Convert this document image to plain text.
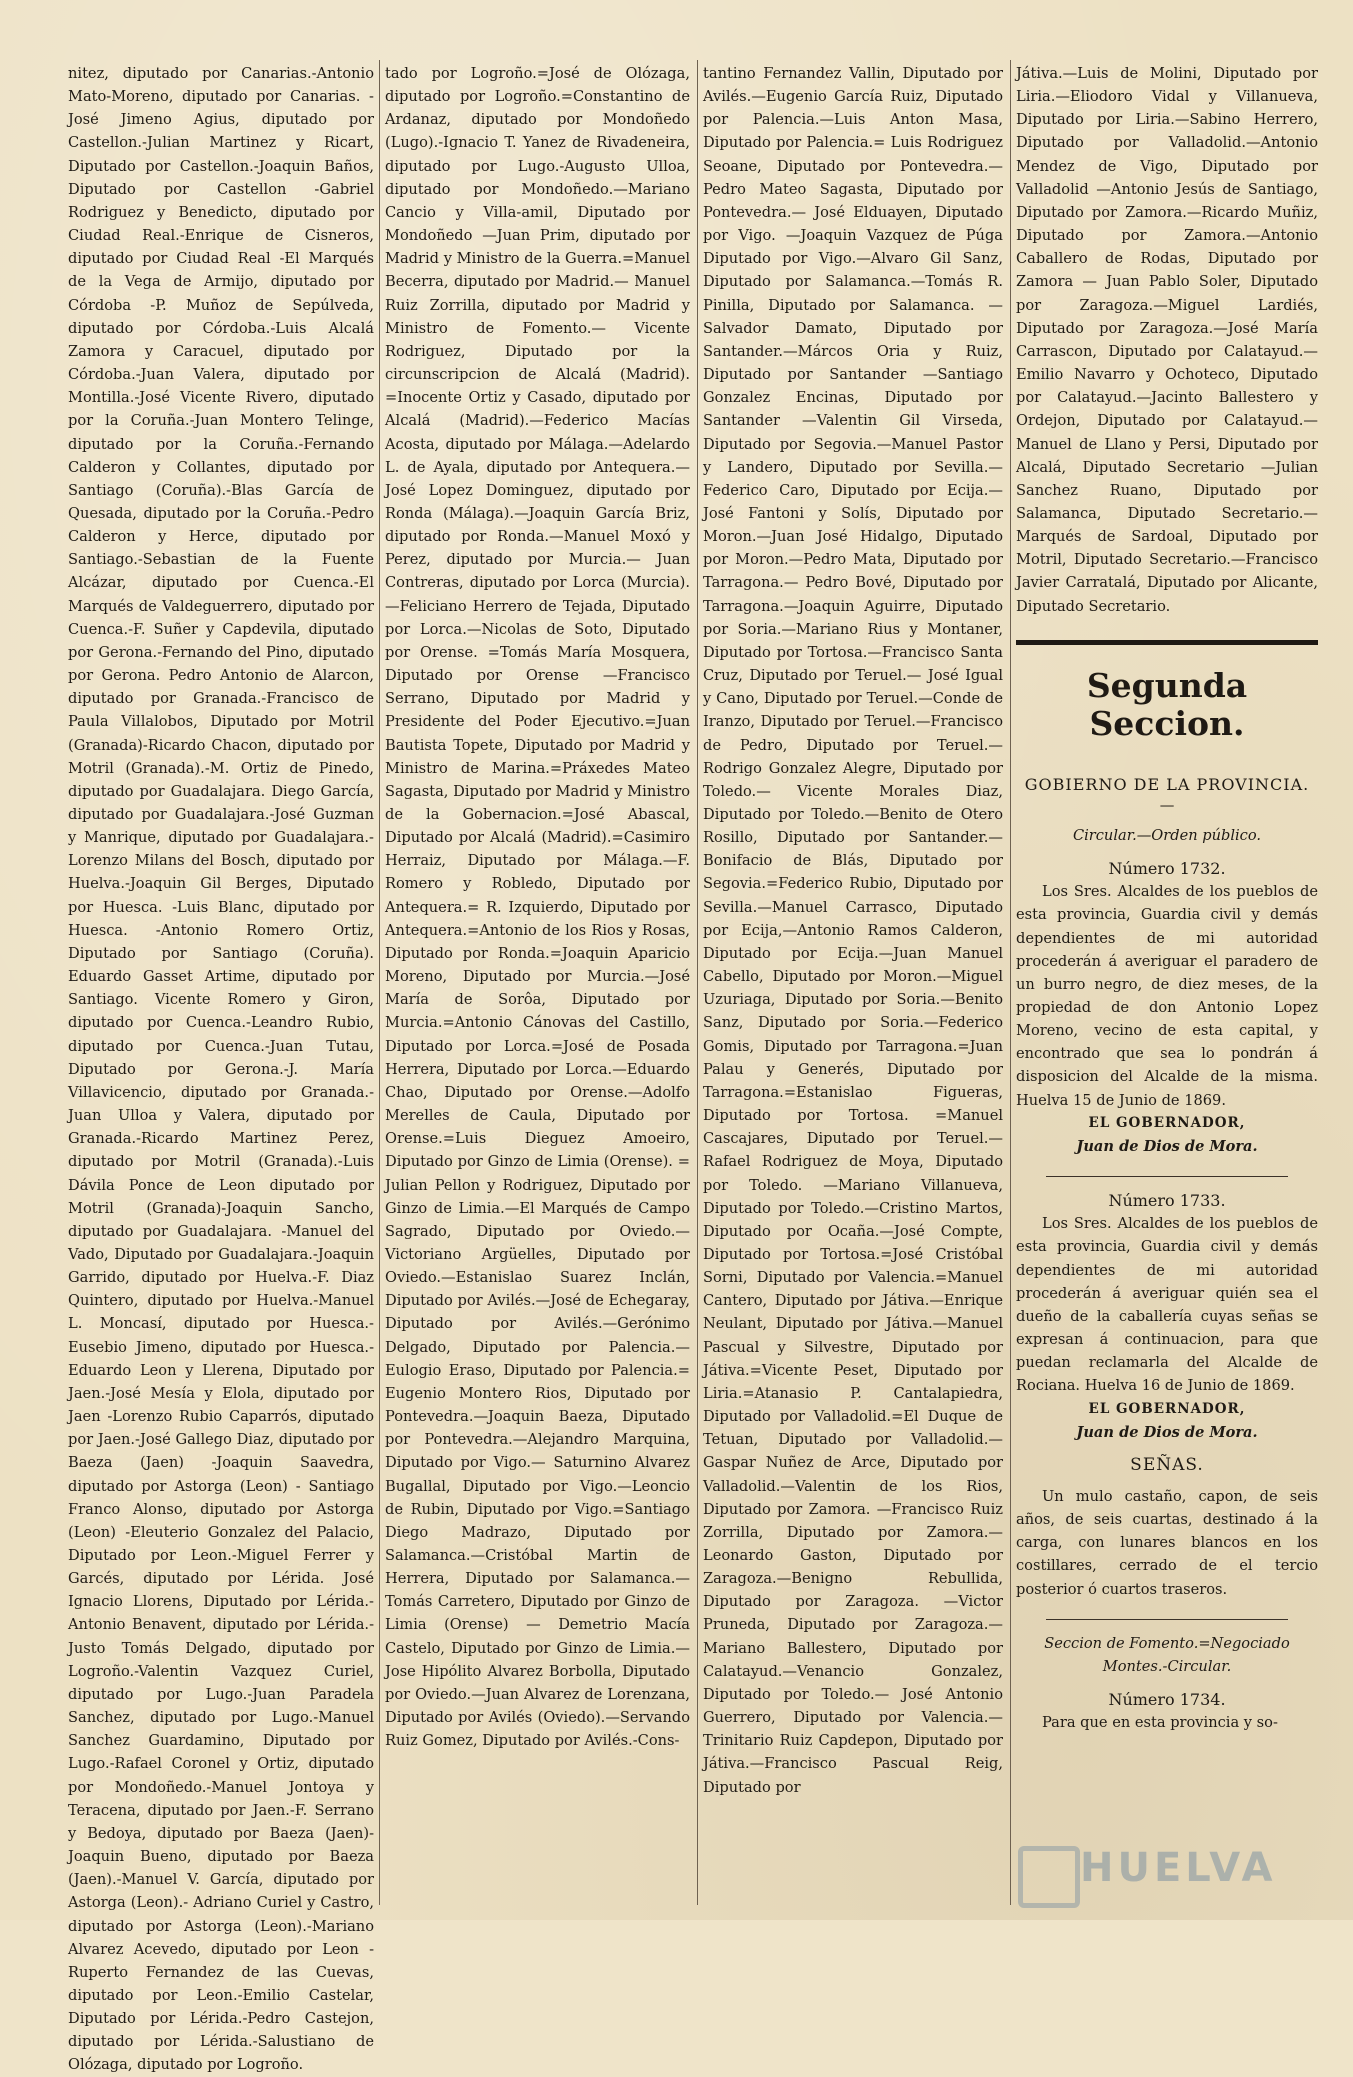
nitez, diputado por Canarias.-Antonio Mato-Moreno, diputado por Canarias. -José Jimeno Agius, diputado por Castellon.-Julian Martinez y Ricart, Diputado por Castellon.-Joaquin Baños, Diputado por Castellon -Gabriel Rodriguez y Benedicto, diputado por Ciudad Real.-Enrique de Cisneros, diputado por Ciudad Real -El Marqués de la Vega de Armijo, diputado por Córdoba -P. Muñoz de Sepúlveda, diputado por Córdoba.-Luis Alcalá Zamora y Caracuel, diputado por Córdoba.-Juan Valera, diputado por Montilla.-José Vicente Rivero, diputado por la Coruña.-Juan Montero Telinge, diputado por la Coruña.-Fernando Calderon y Collantes, diputado por Santiago (Coruña).-Blas García de Quesada, diputado por la Coruña.-Pedro Calderon y Herce, diputado por Santiago.-Sebastian de la Fuente Alcázar, diputado por Cuenca.-El Marqués de Valdeguerrero, diputado por Cuenca.-F. Suñer y Capdevila, diputado por Gerona.-Fernando del Pino, diputado por Gerona. Pedro Antonio de Alarcon, diputado por Granada.-Francisco de Paula Villalobos, Diputado por Motril (Granada)-Ricardo Chacon, diputado por Motril (Granada).-M. Ortiz de Pinedo, diputado por Guadalajara. Diego García, diputado por Guadalajara.-José Guzman y Manrique, diputado por Guadalajara.-Lorenzo Milans del Bosch, diputado por Huelva.-Joaquin Gil Berges, Diputado por Huesca. -Luis Blanc, diputado por Huesca. -Antonio Romero Ortiz, Diputado por Santiago (Coruña). Eduardo Gasset Artime, diputado por Santiago. Vicente Romero y Giron, diputado por Cuenca.-Leandro Rubio, diputado por Cuenca.-Juan Tutau, Diputado por Gerona.-J. María Villavicencio, diputado por Granada.-Juan Ulloa y Valera, diputado por Granada.-Ricardo Martinez Perez, diputado por Motril (Granada).-Luis Dávila Ponce de Leon diputado por Motril (Granada)-Joaquin Sancho, diputado por Guadalajara. -Manuel del Vado, Diputado por Guadalajara.-Joaquin Garrido, diputado por Huelva.-F. Diaz Quintero, diputado por Huelva.-Manuel L. Moncasí, diputado por Huesca.-Eusebio Jimeno, diputado por Huesca.-Eduardo Leon y Llerena, Diputado por Jaen.-José Mesía y Elola, diputado por Jaen -Lorenzo Rubio Caparrós, diputado por Jaen.-José Gallego Diaz, diputado por Baeza (Jaen) -Joaquin Saavedra, diputado por Astorga (Leon) - Santiago Franco Alonso, diputado por Astorga (Leon) -Eleuterio Gonzalez del Palacio, Diputado por Leon.-Miguel Ferrer y Garcés, diputado por Lérida. José Ignacio Llorens, Diputado por Lérida.-Antonio Benavent, diputado por Lérida.-Justo Tomás Delgado, diputado por Logroño.-Valentin Vazquez Curiel, diputado por Lugo.-Juan Paradela Sanchez, diputado por Lugo.-Manuel Sanchez Guardamino, Diputado por Lugo.-Rafael Coronel y Ortiz, diputado por Mondoñedo.-Manuel Jontoya y Teracena, diputado por Jaen.-F. Serrano y Bedoya, diputado por Baeza (Jaen)-Joaquin Bueno, diputado por Baeza (Jaen).-Manuel V. García, diputado por Astorga (Leon).- Adriano Curiel y Castro, diputado por Astorga (Leon).-Mariano Alvarez Acevedo, diputado por Leon -Ruperto Fernandez de las Cuevas, diputado por Leon.-Emilio Castelar, Diputado por Lérida.-Pedro Castejon, diputado por Lérida.-Salustiano de Olózaga, diputado por Logroño.
tado por Logroño.=José de Olózaga, diputado por Logroño.=Constantino de Ardanaz, diputado por Mondoñedo (Lugo).-Ignacio T. Yanez de Rivadeneira, diputado por Lugo.-Augusto Ulloa, diputado por Mondoñedo.—Mariano Cancio y Villa-amil, Diputado por Mondoñedo —Juan Prim, diputado por Madrid y Ministro de la Guerra.=Manuel Becerra, diputado por Madrid.— Manuel Ruiz Zorrilla, diputado por Madrid y Ministro de Fomento.— Vicente Rodriguez, Diputado por la circunscripcion de Alcalá (Madrid). =Inocente Ortiz y Casado, diputado por Alcalá (Madrid).—Federico Macías Acosta, diputado por Málaga.—Adelardo L. de Ayala, diputado por Antequera.—José Lopez Dominguez, diputado por Ronda (Málaga).—Joaquin García Briz, diputado por Ronda.—Manuel Moxó y Perez, diputado por Murcia.— Juan Contreras, diputado por Lorca (Murcia).—Feliciano Herrero de Tejada, Diputado por Lorca.—Nicolas de Soto, Diputado por Orense. =Tomás María Mosquera, Diputado por Orense —Francisco Serrano, Diputado por Madrid y Presidente del Poder Ejecutivo.=Juan Bautista Topete, Diputado por Madrid y Ministro de Marina.=Práxedes Mateo Sagasta, Diputado por Madrid y Ministro de la Gobernacion.=José Abascal, Diputado por Alcalá (Madrid).=Casimiro Herraiz, Diputado por Málaga.—F. Romero y Robledo, Diputado por Antequera.= R. Izquierdo, Diputado por Antequera.=Antonio de los Rios y Rosas, Diputado por Ronda.=Joaquin Aparicio Moreno, Diputado por Murcia.—José María de Sorôa, Diputado por Murcia.=Antonio Cánovas del Castillo, Diputado por Lorca.=José de Posada Herrera, Diputado por Lorca.—Eduardo Chao, Diputado por Orense.—Adolfo Merelles de Caula, Diputado por Orense.=Luis Dieguez Amoeiro, Diputado por Ginzo de Limia (Orense). = Julian Pellon y Rodriguez, Diputado por Ginzo de Limia.—El Marqués de Campo Sagrado, Diputado por Oviedo.—Victoriano Argüelles, Diputado por Oviedo.—Estanislao Suarez Inclán, Diputado por Avilés.—José de Echegaray, Diputado por Avilés.—Gerónimo Delgado, Diputado por Palencia.—Eulogio Eraso, Diputado por Palencia.= Eugenio Montero Rios, Diputado por Pontevedra.—Joaquin Baeza, Diputado por Pontevedra.—Alejandro Marquina, Diputado por Vigo.— Saturnino Alvarez Bugallal, Diputado por Vigo.—Leoncio de Rubin, Diputado por Vigo.=Santiago Diego Madrazo, Diputado por Salamanca.—Cristóbal Martin de Herrera, Diputado por Salamanca.—Tomás Carretero, Diputado por Ginzo de Limia (Orense) — Demetrio Macía Castelo, Diputado por Ginzo de Limia.—Jose Hipólito Alvarez Borbolla, Diputado por Oviedo.—Juan Alvarez de Lorenzana, Diputado por Avilés (Oviedo).—Servando Ruiz Gomez, Diputado por Avilés.-Cons-
tantino Fernandez Vallin, Diputado por Avilés.—Eugenio García Ruiz, Diputado por Palencia.—Luis Anton Masa, Diputado por Palencia.= Luis Rodriguez Seoane, Diputado por Pontevedra.—Pedro Mateo Sagasta, Diputado por Pontevedra.— José Elduayen, Diputado por Vigo. —Joaquin Vazquez de Púga Diputado por Vigo.—Alvaro Gil Sanz, Diputado por Salamanca.—Tomás R. Pinilla, Diputado por Salamanca. —Salvador Damato, Diputado por Santander.—Márcos Oria y Ruiz, Diputado por Santander —Santiago Gonzalez Encinas, Diputado por Santander —Valentin Gil Virseda, Diputado por Segovia.—Manuel Pastor y Landero, Diputado por Sevilla.—Federico Caro, Diputado por Ecija.—José Fantoni y Solís, Diputado por Moron.—Juan José Hidalgo, Diputado por Moron.—Pedro Mata, Diputado por Tarragona.— Pedro Bové, Diputado por Tarragona.—Joaquin Aguirre, Diputado por Soria.—Mariano Rius y Montaner, Diputado por Tortosa.—Francisco Santa Cruz, Diputado por Teruel.— José Igual y Cano, Diputado por Teruel.—Conde de Iranzo, Diputado por Teruel.—Francisco de Pedro, Diputado por Teruel.—Rodrigo Gonzalez Alegre, Diputado por Toledo.— Vicente Morales Diaz, Diputado por Toledo.—Benito de Otero Rosillo, Diputado por Santander.—Bonifacio de Blás, Diputado por Segovia.=Federico Rubio, Diputado por Sevilla.—Manuel Carrasco, Diputado por Ecija,—Antonio Ramos Calderon, Diputado por Ecija.—Juan Manuel Cabello, Diputado por Moron.—Miguel Uzuriaga, Diputado por Soria.—Benito Sanz, Diputado por Soria.—Federico Gomis, Diputado por Tarragona.=Juan Palau y Generés, Diputado por Tarragona.=Estanislao Figueras, Diputado por Tortosa. =Manuel Cascajares, Diputado por Teruel.—Rafael Rodriguez de Moya, Diputado por Toledo. —Mariano Villanueva, Diputado por Toledo.—Cristino Martos, Diputado por Ocaña.—José Compte, Diputado por Tortosa.=José Cristóbal Sorni, Diputado por Valencia.=Manuel Cantero, Diputado por Játiva.—Enrique Neulant, Diputado por Játiva.—Manuel Pascual y Silvestre, Diputado por Játiva.=Vicente Peset, Diputado por Liria.=Atanasio P. Cantalapiedra, Diputado por Valladolid.=El Duque de Tetuan, Diputado por Valladolid.—Gaspar Nuñez de Arce, Diputado por Valladolid.—Valentin de los Rios, Diputado por Zamora. —Francisco Ruiz Zorrilla, Diputado por Zamora.—Leonardo Gaston, Diputado por Zaragoza.—Benigno Rebullida, Diputado por Zaragoza. —Victor Pruneda, Diputado por Zaragoza.—Mariano Ballestero, Diputado por Calatayud.—Venancio Gonzalez, Diputado por Toledo.— José Antonio Guerrero, Diputado por Valencia.—Trinitario Ruiz Capdepon, Diputado por Játiva.—Francisco Pascual Reig, Diputado por
Játiva.—Luis de Molini, Diputado por Liria.—Eliodoro Vidal y Villanueva, Diputado por Liria.—Sabino Herrero, Diputado por Valladolid.—Antonio Mendez de Vigo, Diputado por Valladolid —Antonio Jesús de Santiago, Diputado por Zamora.—Ricardo Muñiz, Diputado por Zamora.—Antonio Caballero de Rodas, Diputado por Zamora — Juan Pablo Soler, Diputado por Zaragoza.—Miguel Lardiés, Diputado por Zaragoza.—José María Carrascon, Diputado por Calatayud.— Emilio Navarro y Ochoteco, Diputado por Calatayud.—Jacinto Ballestero y Ordejon, Diputado por Calatayud.—Manuel de Llano y Persi, Diputado por Alcalá, Diputado Secretario —Julian Sanchez Ruano, Diputado por Salamanca, Diputado Secretario.—Marqués de Sardoal, Diputado por Motril, Diputado Secretario.—Francisco Javier Carratalá, Diputado por Alicante, Diputado Secretario.
Segunda Seccion.
GOBIERNO DE LA PROVINCIA.
—
Circular.—Orden público.
Número 1732.
Los Sres. Alcaldes de los pueblos de esta provincia, Guardia civil y demás dependientes de mi autoridad procederán á averiguar el paradero de un burro negro, de diez meses, de la propiedad de don Antonio Lopez Moreno, vecino de esta capital, y encontrado que sea lo pondrán á disposicion del Alcalde de la misma. Huelva 15 de Junio de 1869.
EL GOBERNADOR,
Juan de Dios de Mora.
Número 1733.
Los Sres. Alcaldes de los pueblos de esta provincia, Guardia civil y demás dependientes de mi autoridad procederán á averiguar quién sea el dueño de la caballería cuyas señas se expresan á continuacion, para que puedan reclamarla del Alcalde de Rociana. Huelva 16 de Junio de 1869.
EL GOBERNADOR,
Juan de Dios de Mora.
SEÑAS.
Un mulo castaño, capon, de seis años, de seis cuartas, destinado á la carga, con lunares blancos en los costillares, cerrado de el tercio posterior ó cuartos traseros.
Seccion de Fomento.=Negociado Montes.-Circular.
Número 1734.
Para que en esta provincia y so-
HUELVA
